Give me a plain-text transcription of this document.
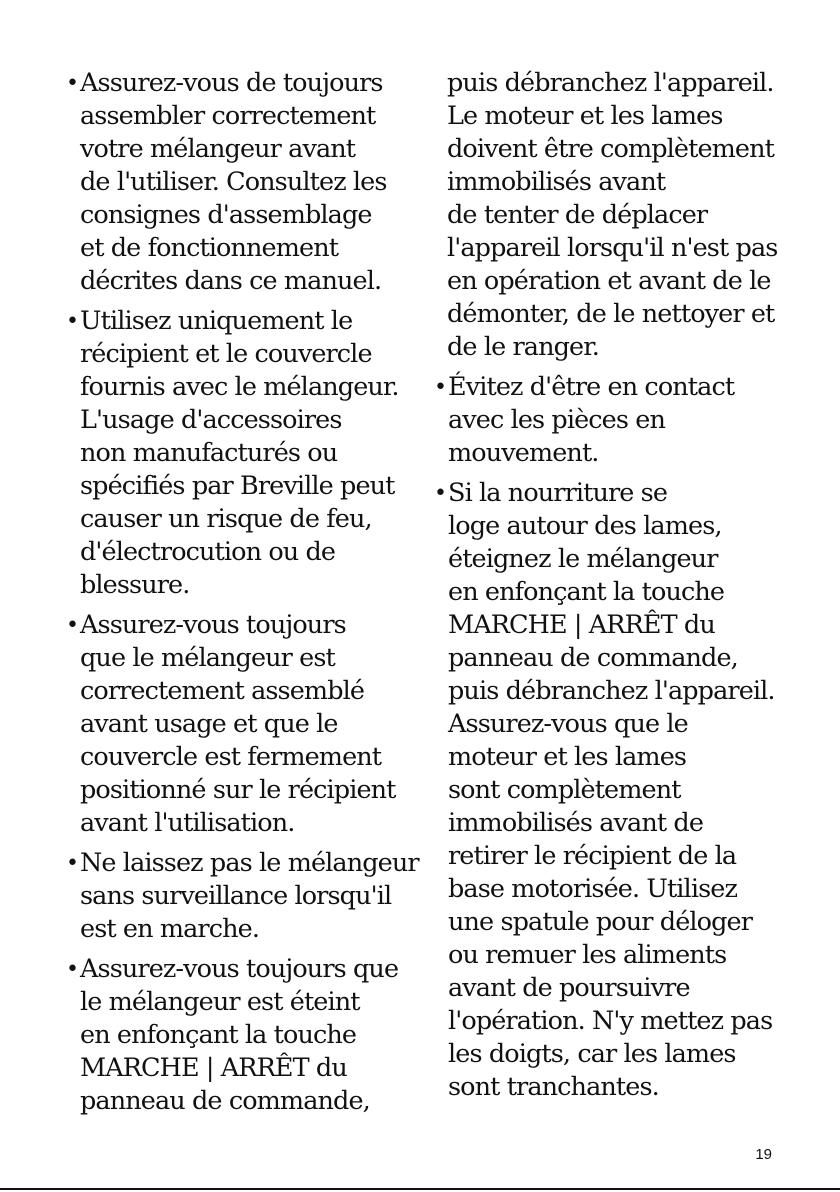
• Assurez-vous de toujours
assembler correctement
votre mélangeur avant
de l'utiliser. Consultez les
consignes d'assemblage
et de fonctionnement
décrites dans ce manuel.
• Utilisez uniquement le
récipient et le couvercle
fournis avec le mélangeur.
L'usage d'accessoires
non manufacturés ou
spécifiés par Breville peut
causer un risque de feu,
d'électrocution ou de
blessure.
• Assurez-vous toujours
que le mélangeur est
correctement assemblé
avant usage et que le
couvercle est fermement
positionné sur le récipient
avant l'utilisation.
• Ne laissez pas le mélangeur
sans surveillance lorsqu'il
est en marche.
• Assurez-vous toujours que
le mélangeur est éteint
en enfonçant la touche
MARCHE | ARRÊT du
panneau de commande,
puis débranchez l'appareil.
Le moteur et les lames
doivent être complètement
immobilisés avant
de tenter de déplacer
l'appareil lorsqu'il n'est pas
en opération et avant de le
démonter, de le nettoyer et
de le ranger.
• Évitez d'être en contact
avec les pièces en
mouvement.
• Si la nourriture se
loge autour des lames,
éteignez le mélangeur
en enfonçant la touche
MARCHE | ARRÊT du
panneau de commande,
puis débranchez l'appareil.
Assurez-vous que le
moteur et les lames
sont complètement
immobilisés avant de
retirer le récipient de la
base motorisée. Utilisez
une spatule pour déloger
ou remuer les aliments
avant de poursuivre
l'opération. N'y mettez pas
les doigts, car les lames
sont tranchantes.
19
